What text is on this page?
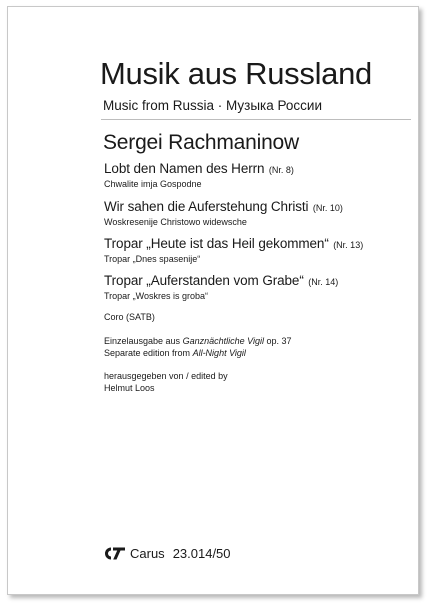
Musik aus Russland
Music from Russia · Музыка России
Sergei Rachmaninow
Lobt den Namen des Herrn (Nr. 8)
Chwalite imja Gospodne
Wir sahen die Auferstehung Christi (Nr. 10)
Woskresenije Christowo widewsche
Tropar „Heute ist das Heil gekommen“ (Nr. 13)
Tropar „Dnes spasenije“
Tropar „Auferstanden vom Grabe“ (Nr. 14)
Tropar „Woskres is groba“
Coro (SATB)
Einzelausgabe aus Ganznächtliche Vigil op. 37
Separate edition from All-Night Vigil
herausgegeben von / edited by
Helmut Loos
Carus 23.014/50
